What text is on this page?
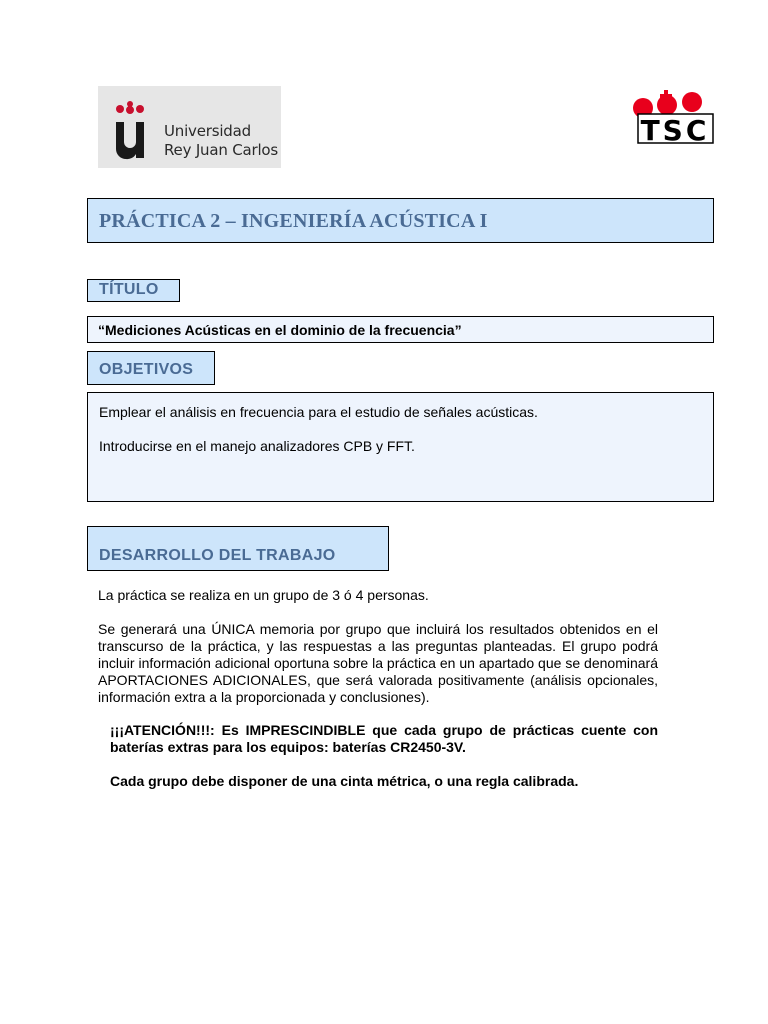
Universidad
Rey Juan Carlos
TSC
PRÁCTICA 2 – INGENIERÍA ACÚSTICA I
TÍTULO
“Mediciones Acústicas en el dominio de la frecuencia”
OBJETIVOS

Emplear el análisis en frecuencia para el estudio de señales acústicas.

Introducirse en el manejo analizadores CPB y FFT.

DESARROLLO DEL TRABAJO

La práctica se realiza en un grupo de 3 ó 4 personas.

Se generará una ÚNICA memoria por grupo que incluirá los resultados obtenidos en el transcurso de la práctica, y las respuestas a las preguntas planteadas. El grupo podrá incluir información adicional oportuna sobre la práctica en un apartado que se denominará APORTACIONES ADICIONALES, que será valorada positivamente (análisis opcionales, información extra a la proporcionada y conclusiones).

¡¡¡ATENCIÓN!!!: Es IMPRESCINDIBLE que cada grupo de prácticas cuente con baterías extras para los equipos: baterías CR2450-3V.

Cada grupo debe disponer de una cinta métrica, o una regla calibrada.
